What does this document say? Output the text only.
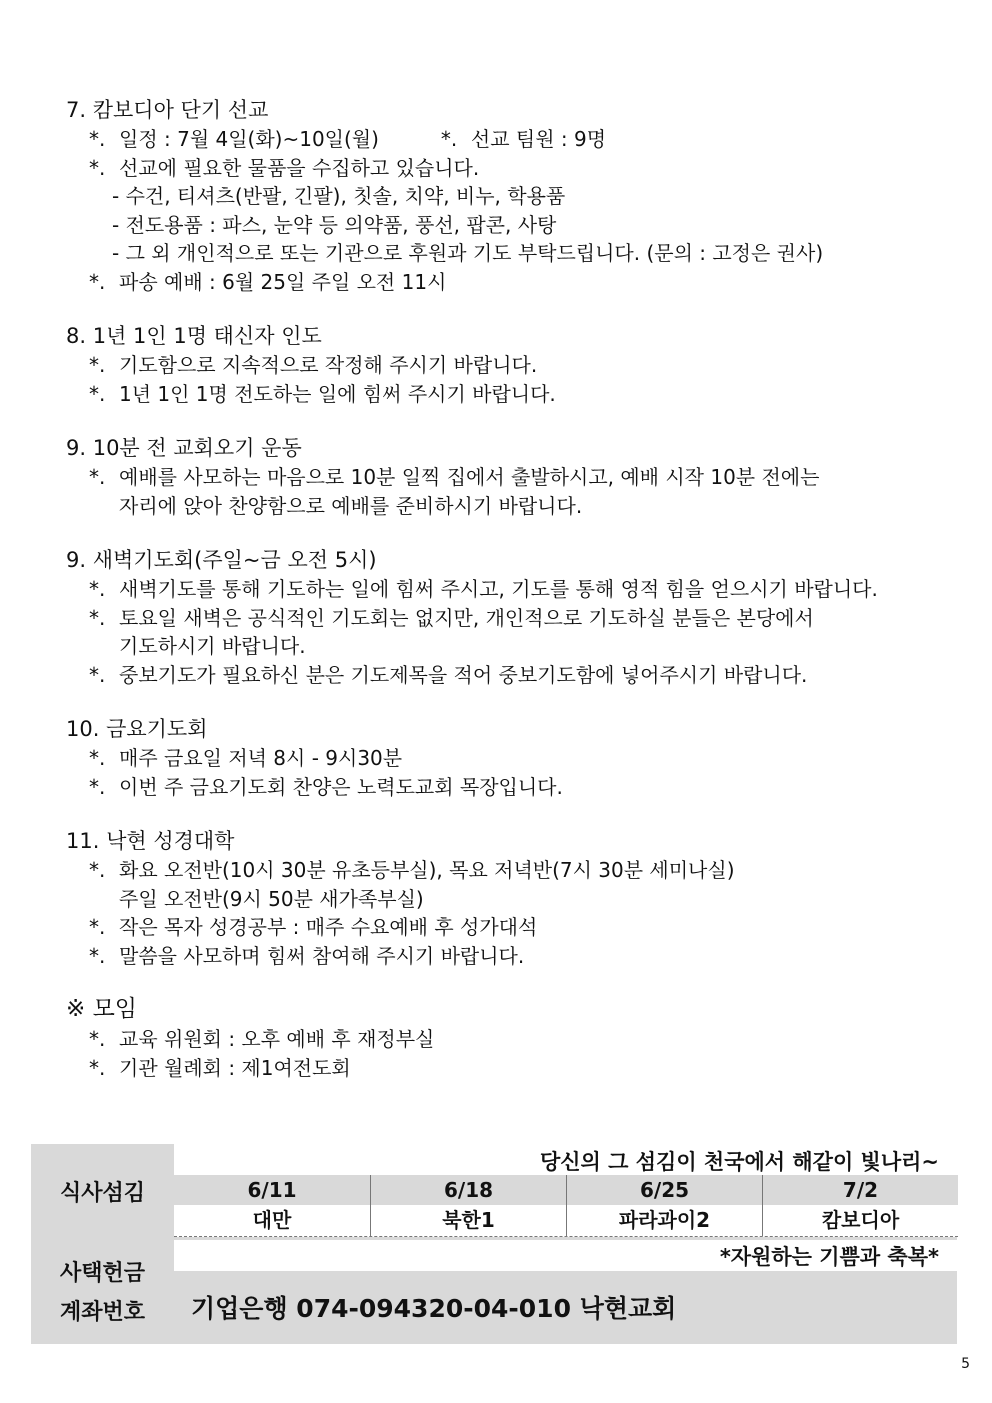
7. 캄보디아 단기 선교
*. 일정 : 7월 4일(화)~10일(월)	*. 선교 팀원 : 9명
*. 선교에 필요한 물품을 수집하고 있습니다.
- 수건, 티셔츠(반팔, 긴팔), 칫솔, 치약, 비누, 학용품
- 전도용품 : 파스, 눈약 등 의약품, 풍선, 팝콘, 사탕
- 그 외 개인적으로 또는 기관으로 후원과 기도 부탁드립니다. (문의 : 고정은 권사)
*. 파송 예배 : 6월 25일 주일 오전 11시
8. 1년 1인 1명 태신자 인도
*. 기도함으로 지속적으로 작정해 주시기 바랍니다.
*. 1년 1인 1명 전도하는 일에 힘써 주시기 바랍니다.
9. 10분 전 교회오기 운동
*. 예배를 사모하는 마음으로 10분 일찍 집에서 출발하시고, 예배 시작 10분 전에는
자리에 앉아 찬양함으로 예배를 준비하시기 바랍니다.
9. 새벽기도회(주일~금 오전 5시)
*. 새벽기도를 통해 기도하는 일에 힘써 주시고, 기도를 통해 영적 힘을 얻으시기 바랍니다.
*. 토요일 새벽은 공식적인 기도회는 없지만, 개인적으로 기도하실 분들은 본당에서
기도하시기 바랍니다.
*. 중보기도가 필요하신 분은 기도제목을 적어 중보기도함에 넣어주시기 바랍니다.
10. 금요기도회
*. 매주 금요일 저녁 8시 - 9시30분
*. 이번 주 금요기도회 찬양은 노력도교회 목장입니다.
11. 낙현 성경대학
*. 화요 오전반(10시 30분 유초등부실), 목요 저녁반(7시 30분 세미나실)
주일 오전반(9시 50분 새가족부실)
*. 작은 목자 성경공부 : 매주 수요예배 후 성가대석
*. 말씀을 사모하며 힘써 참여해 주시기 바랍니다.
※ 모임
*. 교육 위원회 : 오후 예배 후 재정부실
*. 기관 월례회 : 제1여전도회
식사섬김
당신의 그 섬김이 천국에서 해같이 빛나리~
6/11	6/18	6/25	7/2
대만	북한1	파라과이2	캄보디아
사택헌금
*자원하는 기쁨과 축복*
계좌번호	기업은행 074-094320-04-010 낙현교회
5
